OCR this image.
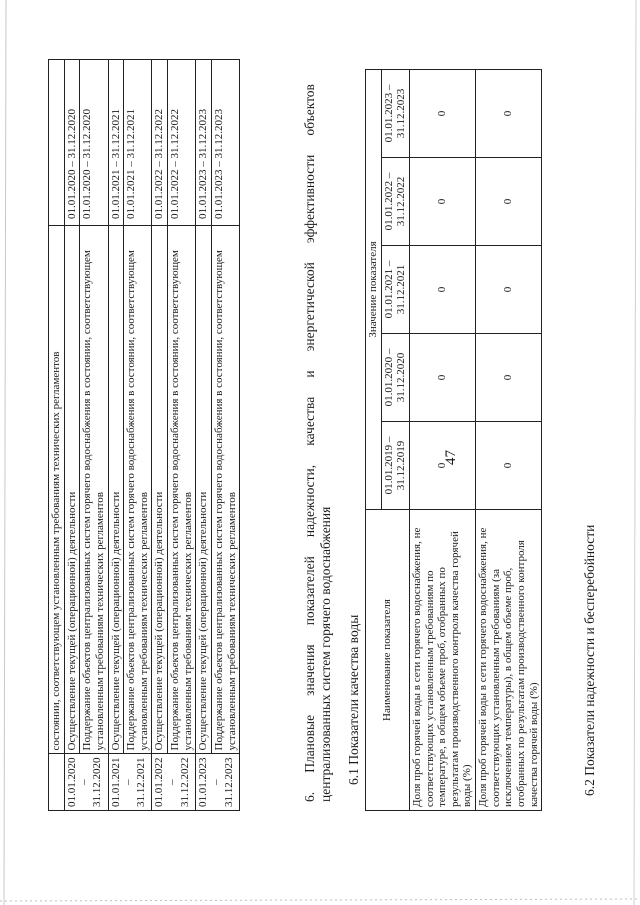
47
	состоянии, соответствующем установленным требованиям технических регламентов	
01.01.2020 – 31.12.2020	Осуществление текущей (операционной) деятельности	01.01.2020 – 31.12.2020
	Поддержание объектов централизованных систем горячего водоснабжения в состоянии, соответствующем установленным требованиям технических регламентов	01.01.2020 – 31.12.2020
01.01.2021 – 31.12.2021	Осуществление текущей (операционной) деятельности	01.01.2021 – 31.12.2021
	Поддержание объектов централизованных систем горячего водоснабжения в состоянии, соответствующем установленным требованиям технических регламентов	01.01.2021 – 31.12.2021
01.01.2022 – 31.12.2022	Осуществление текущей (операционной) деятельности	01.01.2022 – 31.12.2022
	Поддержание объектов централизованных систем горячего водоснабжения в состоянии, соответствующем установленным требованиям технических регламентов	01.01.2022 – 31.12.2022
01.01.2023 – 31.12.2023	Осуществление текущей (операционной) деятельности	01.01.2023 – 31.12.2023
	Поддержание объектов централизованных систем горячего водоснабжения в состоянии, соответствующем установленным требованиям технических регламентов	01.01.2023 – 31.12.2023
6.
Плановые
значения
показателей
надежности,
качества
и
энергетической
эффективности
объектов
централизованных систем горячего водоснабжения 6.1 Показатели качества воды Наименование показателя	Значение показателя				
	01.01.2019 – 31.12.2019	01.01.2020 – 31.12.2020	01.01.2021 – 31.12.2021	01.01.2022 – 31.12.2022	01.01.2023 – 31.12.2023
Доля проб горячей воды в сети горячего водоснабжения, не соответствующих установленным требованиям по температуре, в общем объеме проб, отобранных по результатам производственного контроля качества горячей воды (%)	0	0	0	0	0
Доля проб горячей воды в сети горячего водоснабжения, не соответствующих установленным требованиям (за исключением температуры), в общем объеме проб, отобранных по результатам производственного контроля качества горячей воды (%)	0	0	0	0	0
6.2 Показатели надежности и бесперебойности
